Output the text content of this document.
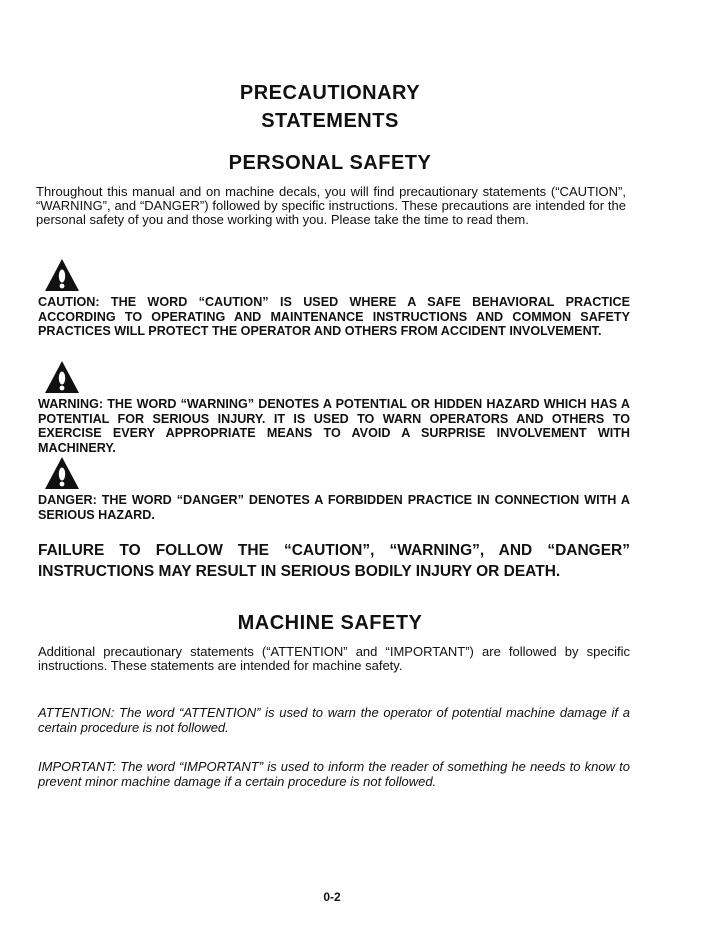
PRECAUTIONARY
STATEMENTS
PERSONAL SAFETY
Throughout this manual and on machine decals, you will find precautionary statements (“CAUTION”, “WARNING”, and “DANGER”) followed by specific instructions. These precautions are intended for the personal safety of you and those working with you. Please take the time to read them.
CAUTION: THE WORD “CAUTION” IS USED WHERE A SAFE BEHAVIORAL PRACTICE ACCORDING TO OPERATING AND MAINTENANCE INSTRUCTIONS AND COMMON SAFETY PRACTICES WILL PROTECT THE OPERATOR AND OTHERS FROM ACCIDENT INVOLVEMENT.
WARNING: THE WORD “WARNING” DENOTES A POTENTIAL OR HIDDEN HAZARD WHICH HAS A POTENTIAL FOR SERIOUS INJURY. IT IS USED TO WARN OPERATORS AND OTHERS TO EXERCISE EVERY APPROPRIATE MEANS TO AVOID A SURPRISE INVOLVEMENT WITH MACHINERY.
DANGER: THE WORD “DANGER” DENOTES A FORBIDDEN PRACTICE IN CONNECTION WITH A SERIOUS HAZARD.
FAILURE TO FOLLOW THE “CAUTION”, “WARNING”, AND “DANGER” INSTRUCTIONS MAY RESULT IN SERIOUS BODILY INJURY OR DEATH.
MACHINE SAFETY
Additional precautionary statements (“ATTENTION” and “IMPORTANT”) are followed by specific instructions. These statements are intended for machine safety.
ATTENTION: The word “ATTENTION” is used to warn the operator of potential machine damage if a certain procedure is not followed.
IMPORTANT: The word “IMPORTANT” is used to inform the reader of something he needs to know to prevent minor machine damage if a certain procedure is not followed.
0-2
